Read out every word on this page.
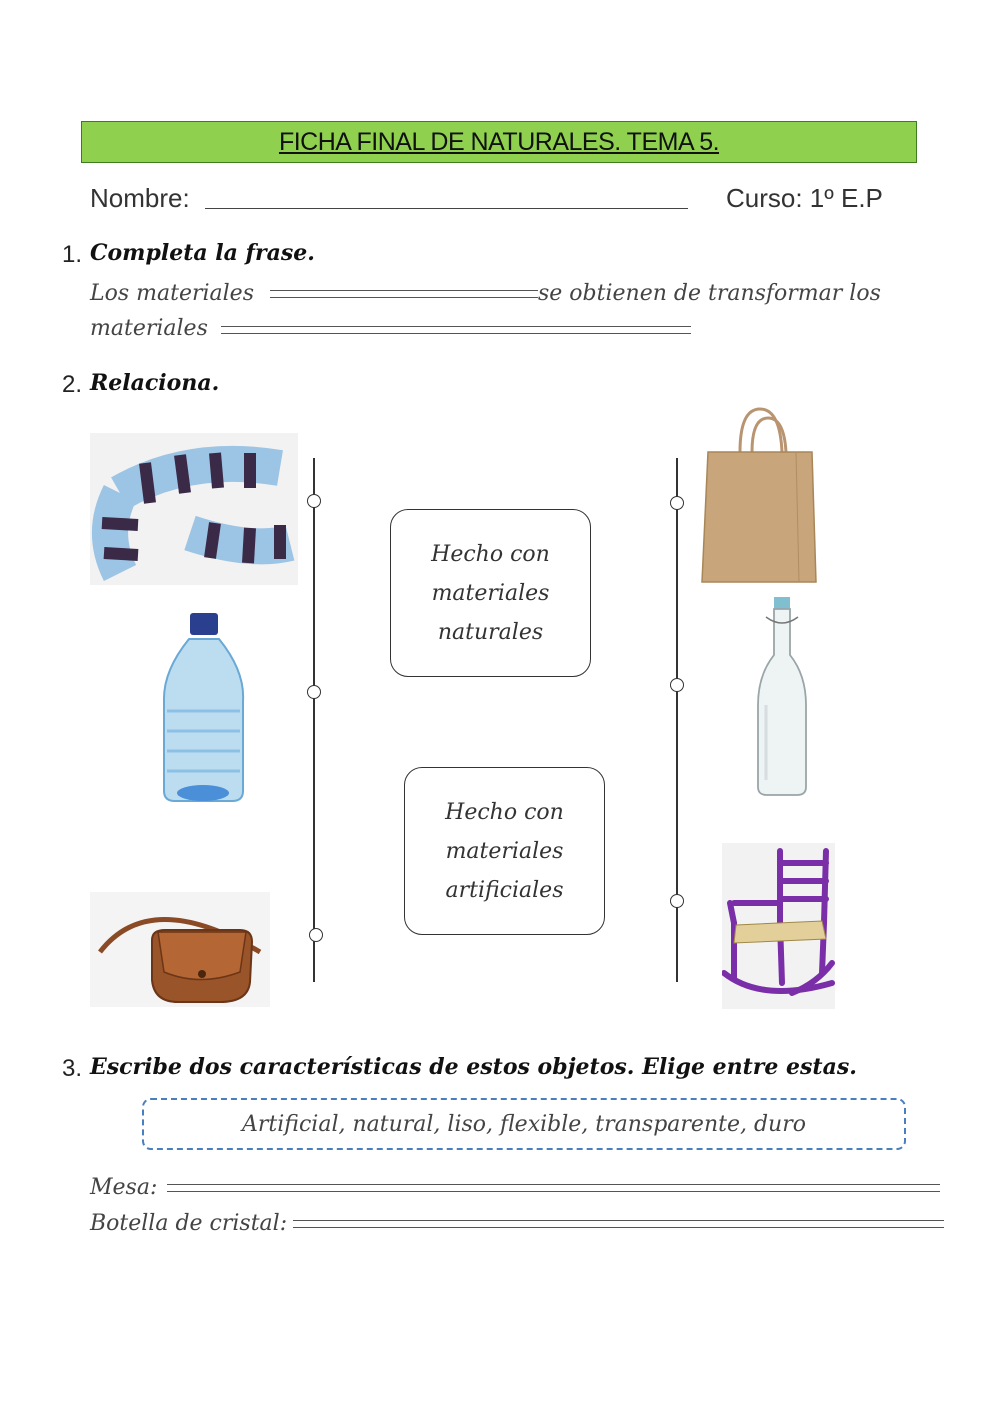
FICHA FINAL DE NATURALES. TEMA 5.
Nombre:	Curso: 1º E.P
1. Completa la frase.
Los materiales	se obtienen de transformar los
materiales
2. Relaciona.
Hecho con
materiales
naturales
Hecho con
materiales
artificiales
3. Escribe dos características de estos objetos. Elige entre estas.
Artificial, natural, liso, flexible, transparente, duro
Mesa:
Botella de cristal:
